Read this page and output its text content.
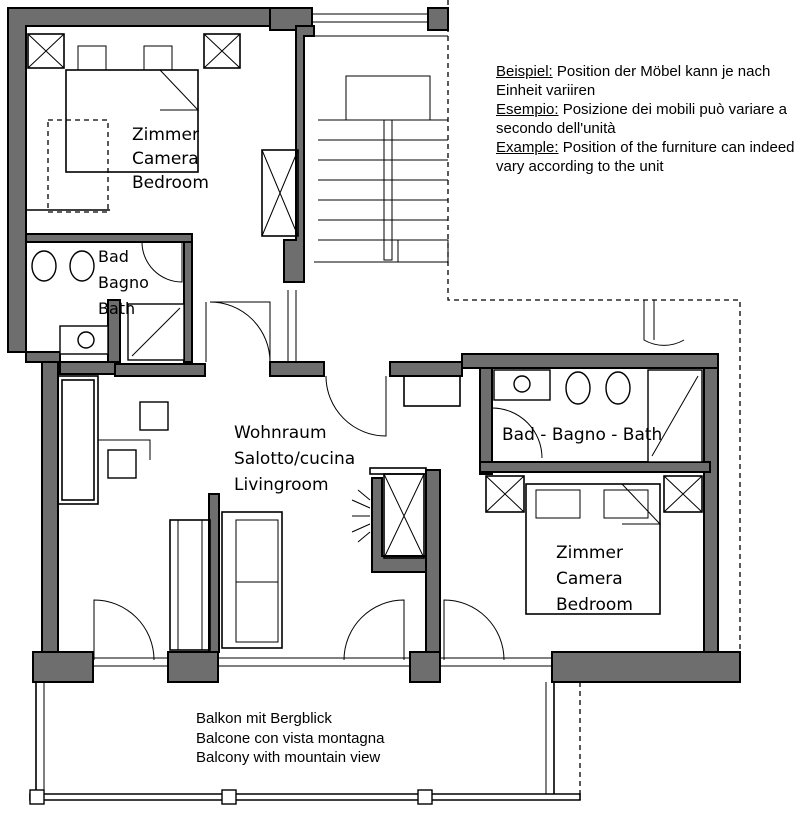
Zimmer
Camera
Bedroom
Bad
Bagno
Bath
Wohnraum
Salotto/cucina
Livingroom
Bad - Bagno - Bath
Zimmer
Camera
Bedroom

Beispiel: Position der Möbel kann je nach Einheit variiren

Esempio: Posizione dei mobili può variare a secondo dell'unità

Example: Position of the furniture can indeed vary according to the unit

Balkon mit Bergblick
Balcone con vista montagna
Balcony with mountain view
